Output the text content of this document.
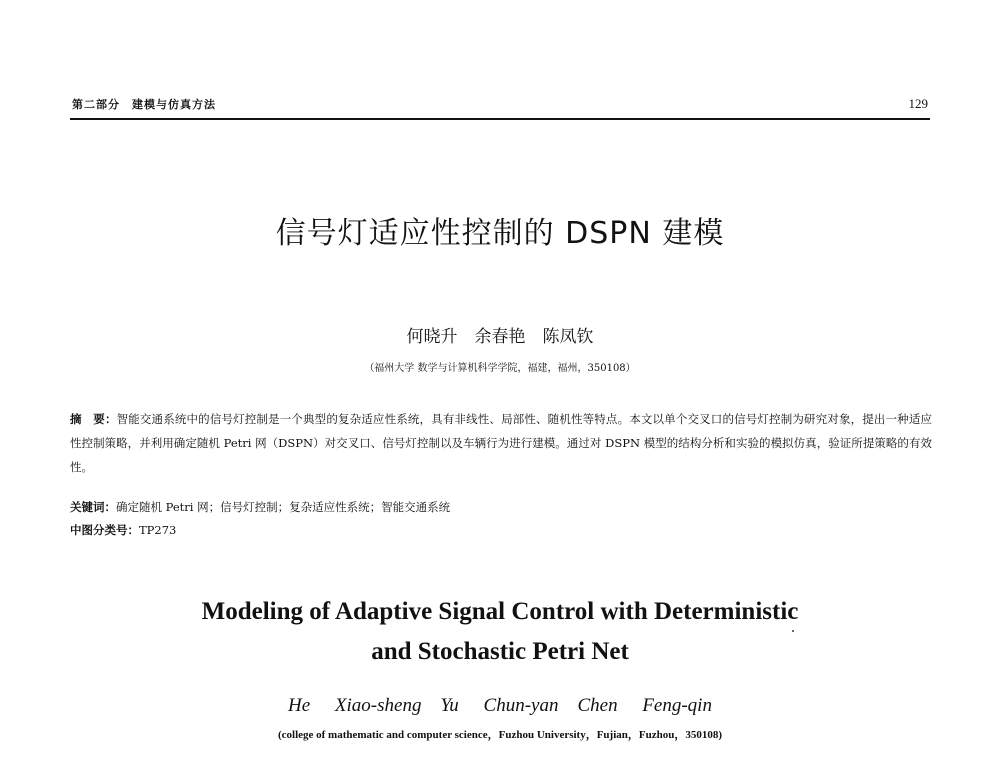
第二部分　建模与仿真方法	129
信号灯适应性控制的 DSPN 建模
何晓升　余春艳　陈凤钦
（福州大学 数学与计算机科学学院，福建，福州，350108）
摘　要：智能交通系统中的信号灯控制是一个典型的复杂适应性系统，具有非线性、局部性、随机性等特点。本文以单个交叉口的信号灯控制为研究对象，提出一种适应性控制策略，并利用确定随机 Petri 网（DSPN）对交叉口、信号灯控制以及车辆行为进行建模。通过对 DSPN 模型的结构分析和实验的模拟仿真，验证所提策略的有效性。
关键词：确定随机 Petri 网；信号灯控制；复杂适应性系统；智能交通系统
中图分类号：TP273
Modeling of Adaptive Signal Control with Deterministic
and Stochastic Petri Net
He Xiao-sheng　Yu Chun-yan　Chen Feng-qin
(college of mathematic and computer science，Fuzhou University，Fujian，Fuzhou，350108)
